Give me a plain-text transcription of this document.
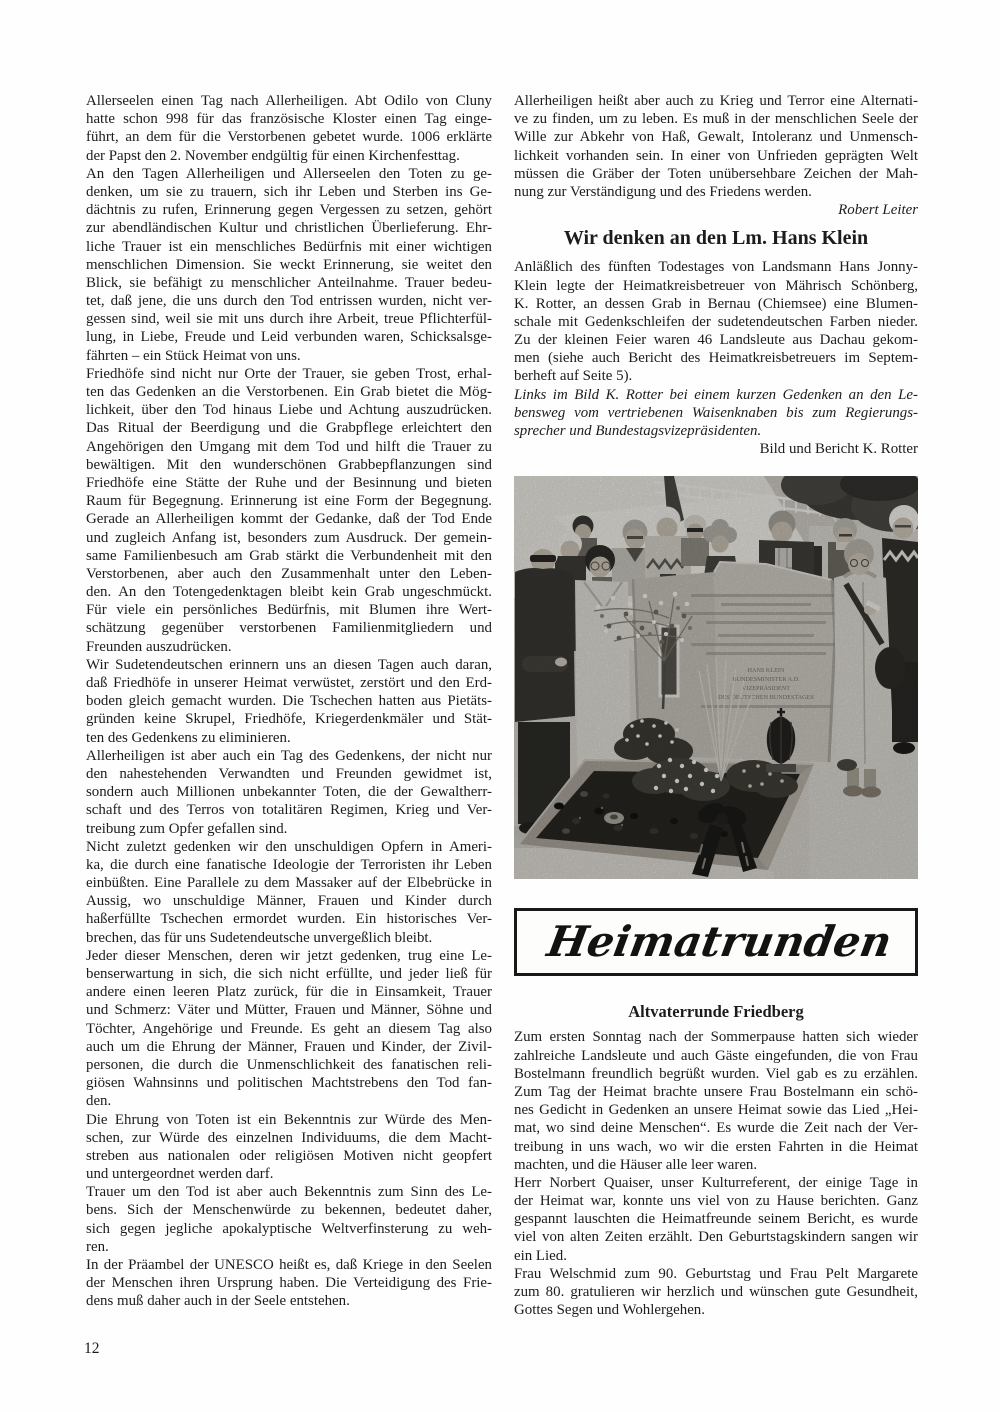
Allerseelen einen Tag nach Allerheiligen. Abt Odilo von Cluny
hatte schon 998 für das französische Kloster einen Tag einge-
führt, an dem für die Verstorbenen gebetet wurde. 1006 erklärte
der Papst den 2. November endgültig für einen Kirchenfesttag.
An den Tagen Allerheiligen und Allerseelen den Toten zu ge-
denken, um sie zu trauern, sich ihr Leben und Sterben ins Ge-
dächtnis zu rufen, Erinnerung gegen Vergessen zu setzen, gehört
zur abendländischen Kultur und christlichen Überlieferung. Ehr-
liche Trauer ist ein menschliches Bedürfnis mit einer wichtigen
menschlichen Dimension. Sie weckt Erinnerung, sie weitet den
Blick, sie befähigt zu menschlicher Anteilnahme. Trauer bedeu-
tet, daß jene, die uns durch den Tod entrissen wurden, nicht ver-
gessen sind, weil sie mit uns durch ihre Arbeit, treue Pflichterfül-
lung, in Liebe, Freude und Leid verbunden waren, Schicksalsge-
fährten – ein Stück Heimat von uns.
Friedhöfe sind nicht nur Orte der Trauer, sie geben Trost, erhal-
ten das Gedenken an die Verstorbenen. Ein Grab bietet die Mög-
lichkeit, über den Tod hinaus Liebe und Achtung auszudrücken.
Das Ritual der Beerdigung und die Grabpflege erleichtert den
Angehörigen den Umgang mit dem Tod und hilft die Trauer zu
bewältigen. Mit den wunderschönen Grabbepflanzungen sind
Friedhöfe eine Stätte der Ruhe und der Besinnung und bieten
Raum für Begegnung. Erinnerung ist eine Form der Begegnung.
Gerade an Allerheiligen kommt der Gedanke, daß der Tod Ende
und zugleich Anfang ist, besonders zum Ausdruck. Der gemein-
same Familienbesuch am Grab stärkt die Verbundenheit mit den
Verstorbenen, aber auch den Zusammenhalt unter den Leben-
den. An den Totengedenktagen bleibt kein Grab ungeschmückt.
Für viele ein persönliches Bedürfnis, mit Blumen ihre Wert-
schätzung gegenüber verstorbenen Familienmitgliedern und
Freunden auszudrücken.
Wir Sudetendeutschen erinnern uns an diesen Tagen auch daran,
daß Friedhöfe in unserer Heimat verwüstet, zerstört und den Erd-
boden gleich gemacht wurden. Die Tschechen hatten aus Pietäts-
gründen keine Skrupel, Friedhöfe, Kriegerdenkmäler und Stät-
ten des Gedenkens zu eliminieren.
Allerheiligen ist aber auch ein Tag des Gedenkens, der nicht nur
den nahestehenden Verwandten und Freunden gewidmet ist,
sondern auch Millionen unbekannter Toten, die der Gewaltherr-
schaft und des Terros von totalitären Regimen, Krieg und Ver-
treibung zum Opfer gefallen sind.
Nicht zuletzt gedenken wir den unschuldigen Opfern in Ameri-
ka, die durch eine fanatische Ideologie der Terroristen ihr Leben
einbüßten. Eine Parallele zu dem Massaker auf der Elbebrücke in
Aussig, wo unschuldige Männer, Frauen und Kinder durch
haßerfüllte Tschechen ermordet wurden. Ein historisches Ver-
brechen, das für uns Sudetendeutsche unvergeßlich bleibt.
Jeder dieser Menschen, deren wir jetzt gedenken, trug eine Le-
benserwartung in sich, die sich nicht erfüllte, und jeder ließ für
andere einen leeren Platz zurück, für die in Einsamkeit, Trauer
und Schmerz: Väter und Mütter, Frauen und Männer, Söhne und
Töchter, Angehörige und Freunde. Es geht an diesem Tag also
auch um die Ehrung der Männer, Frauen und Kinder, der Zivil-
personen, die durch die Unmenschlichkeit des fanatischen reli-
giösen Wahnsinns und politischen Machtstrebens den Tod fan-
den.
Die Ehrung von Toten ist ein Bekenntnis zur Würde des Men-
schen, zur Würde des einzelnen Individuums, die dem Macht-
streben aus nationalen oder religiösen Motiven nicht geopfert
und untergeordnet werden darf.
Trauer um den Tod ist aber auch Bekenntnis zum Sinn des Le-
bens. Sich der Menschenwürde zu bekennen, bedeutet daher,
sich gegen jegliche apokalyptische Weltverfinsterung zu weh-
ren.
In der Präambel der UNESCO heißt es, daß Kriege in den Seelen
der Menschen ihren Ursprung haben. Die Verteidigung des Frie-
dens muß daher auch in der Seele entstehen.
Allerheiligen heißt aber auch zu Krieg und Terror eine Alternati-
ve zu finden, um zu leben. Es muß in der menschlichen Seele der
Wille zur Abkehr von Haß, Gewalt, Intoleranz und Unmensch-
lichkeit vorhanden sein. In einer von Unfrieden geprägten Welt
müssen die Gräber der Toten unübersehbare Zeichen der Mah-
nung zur Verständigung und des Friedens werden.
Robert Leiter
Wir denken an den Lm. Hans Klein
Anläßlich des fünften Todestages von Landsmann Hans Jonny-
Klein legte der Heimatkreisbetreuer von Mährisch Schönberg,
K. Rotter, an dessen Grab in Bernau (Chiemsee) eine Blumen-
schale mit Gedenkschleifen der sudetendeutschen Farben nieder.
Zu der kleinen Feier waren 46 Landsleute aus Dachau gekom-
men (siehe auch Bericht des Heimatkreisbetreuers im Septem-
berheft auf Seite 5).
Links im Bild K. Rotter bei einem kurzen Gedenken an den Le-
bensweg vom vertriebenen Waisenknaben bis zum Regierungs-
sprecher und Bundestagsvizepräsidenten.
Bild und Bericht K. Rotter
HANS KLEIN
BUNDESMINISTER A.D.
VIZEPRÄSIDENT
DES DEUTSCHEN BUNDESTAGES
Heimatrunden
Altvaterrunde Friedberg
Zum ersten Sonntag nach der Sommerpause hatten sich wieder
zahlreiche Landsleute und auch Gäste eingefunden, die von Frau
Bostelmann freundlich begrüßt wurden. Viel gab es zu erzählen.
Zum Tag der Heimat brachte unsere Frau Bostelmann ein schö-
nes Gedicht in Gedenken an unsere Heimat sowie das Lied „Hei-
mat, wo sind deine Menschen“. Es wurde die Zeit nach der Ver-
treibung in uns wach, wo wir die ersten Fahrten in die Heimat
machten, und die Häuser alle leer waren.
Herr Norbert Quaiser, unser Kulturreferent, der einige Tage in
der Heimat war, konnte uns viel von zu Hause berichten. Ganz
gespannt lauschten die Heimatfreunde seinem Bericht, es wurde
viel von alten Zeiten erzählt. Den Geburtstagskindern sangen wir
ein Lied.
Frau Welschmid zum 90. Geburtstag und Frau Pelt Margarete
zum 80. gratulieren wir herzlich und wünschen gute Gesundheit,
Gottes Segen und Wohlergehen.
12
